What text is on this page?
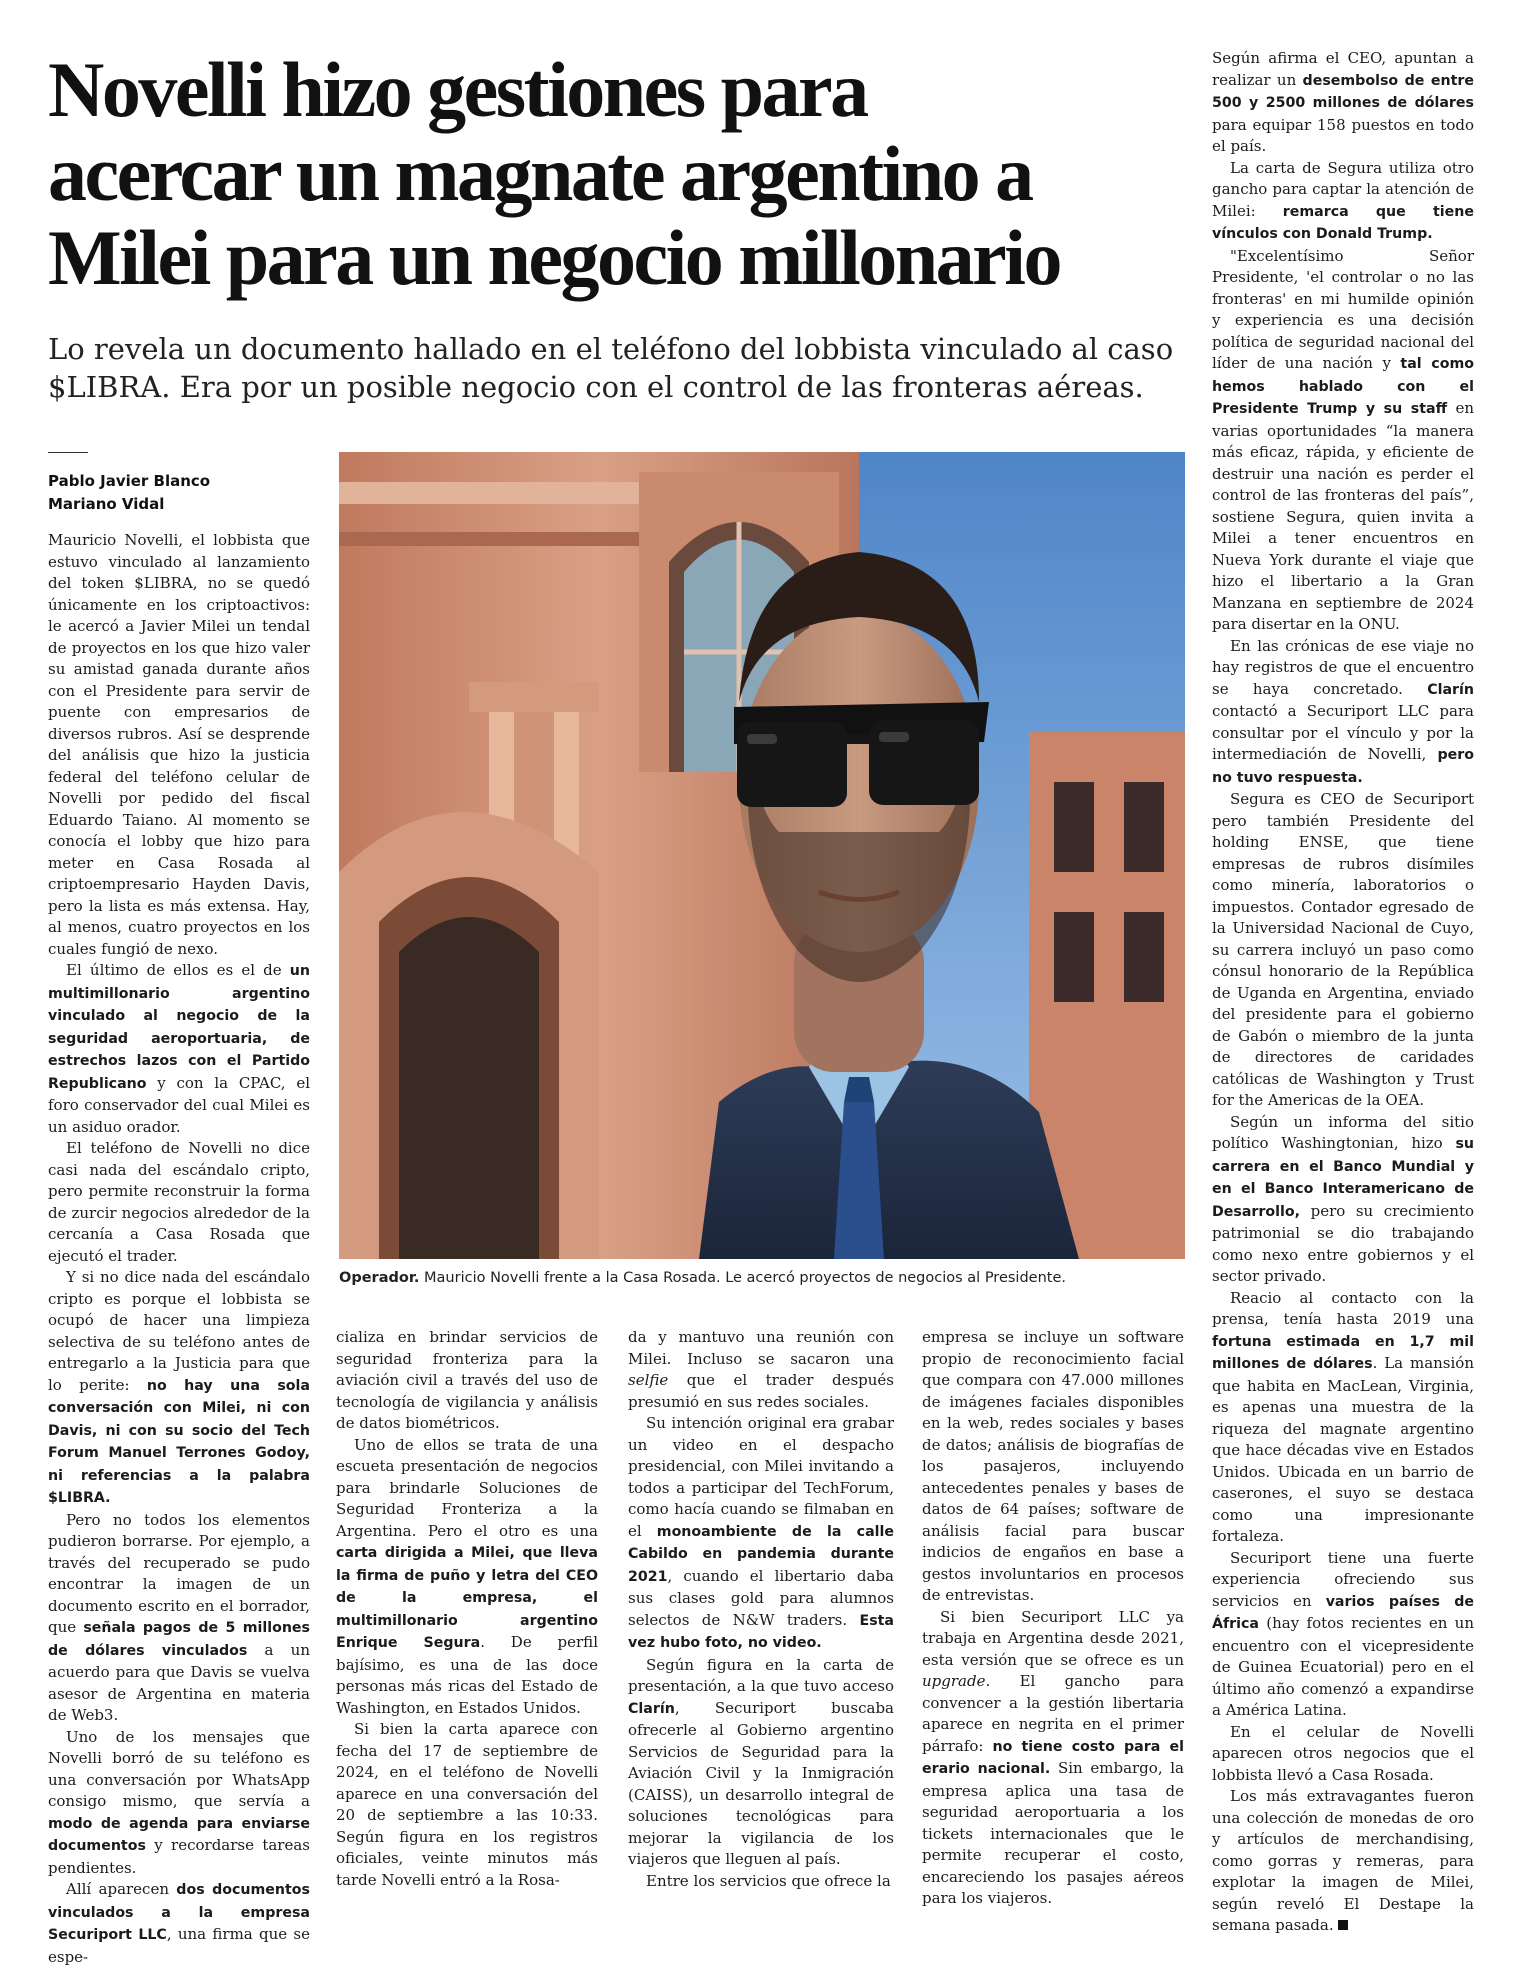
Novelli hizo gestiones para
acercar un magnate argentino a
Milei para un negocio millonario

Lo revela un documento hallado en el teléfono del lobbista vinculado al caso
$LIBRA. Era por un posible negocio con el control de las fronteras aéreas.

Pablo Javier Blanco
Mariano Vidal

Mauricio Novelli, el lobbista que estuvo vinculado al lanzamiento del token $LIBRA, no se quedó únicamente en los criptoactivos: le acercó a Javier Milei un tendal de proyectos en los que hizo valer su amistad ganada durante años con el Presidente para servir de puente con empresarios de diversos rubros. Así se desprende del análisis que hizo la justicia federal del teléfono celular de Novelli por pedido del fiscal Eduardo Taiano. Al momento se conocía el lobby que hizo para meter en Casa Rosada al criptoempresario Hayden Davis, pero la lista es más extensa. Hay, al menos, cuatro proyectos en los cuales fungió de nexo.

El último de ellos es el de un multimillonario argentino vinculado al negocio de la seguridad aeroportuaria, de estrechos lazos con el Partido Republicano y con la CPAC, el foro conservador del cual Milei es un asiduo orador.

El teléfono de Novelli no dice casi nada del escándalo cripto, pero permite reconstruir la forma de zurcir negocios alrededor de la cercanía a Casa Rosada que ejecutó el trader.

Y si no dice nada del escándalo cripto es porque el lobbista se ocupó de hacer una limpieza selectiva de su teléfono antes de entregarlo a la Justicia para que lo perite: no hay una sola conversación con Milei, ni con Davis, ni con su socio del Tech Forum Manuel Terrones Godoy, ni referencias a la palabra $LIBRA.

Pero no todos los elementos pudieron borrarse. Por ejemplo, a través del recuperado se pudo encontrar la imagen de un documento escrito en el borrador, que señala pagos de 5 millones de dólares vinculados a un acuerdo para que Davis se vuelva asesor de Argentina en materia de Web3.

Uno de los mensajes que Novelli borró de su teléfono es una conversación por WhatsApp consigo mismo, que servía a modo de agenda para enviarse documentos y recordarse tareas pendientes.

Allí aparecen dos documentos vinculados a la empresa Securiport LLC, una firma que se espe-

cializa en brindar servicios de seguridad fronteriza para la aviación civil a través del uso de tecnología de vigilancia y análisis de datos biométricos.

Uno de ellos se trata de una escueta presentación de negocios para brindarle Soluciones de Seguridad Fronteriza a la Argentina. Pero el otro es una carta dirigida a Milei, que lleva la firma de puño y letra del CEO de la empresa, el multimillonario argentino Enrique Segura. De perfil bajísimo, es una de las doce personas más ricas del Estado de Washington, en Estados Unidos.

Si bien la carta aparece con fecha del 17 de septiembre de 2024, en el teléfono de Novelli aparece en una conversación del 20 de septiembre a las 10:33. Según figura en los registros oficiales, veinte minutos más tarde Novelli entró a la Rosa-

da y mantuvo una reunión con Milei. Incluso se sacaron una selfie que el trader después presumió en sus redes sociales.

Su intención original era grabar un video en el despacho presidencial, con Milei invitando a todos a participar del TechForum, como hacía cuando se filmaban en el monoambiente de la calle Cabildo en pandemia durante 2021, cuando el libertario daba sus clases gold para alumnos selectos de N&W traders. Esta vez hubo foto, no video.

Según figura en la carta de presentación, a la que tuvo acceso Clarín, Securiport buscaba ofrecerle al Gobierno argentino Servicios de Seguridad para la Aviación Civil y la Inmigración (CAISS), un desarrollo integral de soluciones tecnológicas para mejorar la vigilancia de los viajeros que lleguen al país.

Entre los servicios que ofrece la

empresa se incluye un software propio de reconocimiento facial que compara con 47.000 millones de imágenes faciales disponibles en la web, redes sociales y bases de datos; análisis de biografías de los pasajeros, incluyendo antecedentes penales y bases de datos de 64 países; software de análisis facial para buscar indicios de engaños en base a gestos involuntarios en procesos de entrevistas.

Si bien Securiport LLC ya trabaja en Argentina desde 2021, esta versión que se ofrece es un upgrade. El gancho para convencer a la gestión libertaria aparece en negrita en el primer párrafo: no tiene costo para el erario nacional. Sin embargo, la empresa aplica una tasa de seguridad aeroportuaria a los tickets internacionales que le permite recuperar el costo, encareciendo los pasajes aéreos para los viajeros.

Según afirma el CEO, apuntan a realizar un desembolso de entre 500 y 2500 millones de dólares para equipar 158 puestos en todo el país.

La carta de Segura utiliza otro gancho para captar la atención de Milei: remarca que tiene vínculos con Donald Trump.

"Excelentísimo Señor Presidente, 'el controlar o no las fronteras' en mi humilde opinión y experiencia es una decisión política de seguridad nacional del líder de una nación y tal como hemos hablado con el Presidente Trump y su staff en varias oportunidades “la manera más eficaz, rápida, y eficiente de destruir una nación es perder el control de las fronteras del país”, sostiene Segura, quien invita a Milei a tener encuentros en Nueva York durante el viaje que hizo el libertario a la Gran Manzana en septiembre de 2024 para disertar en la ONU.

En las crónicas de ese viaje no hay registros de que el encuentro se haya concretado. Clarín contactó a Securiport LLC para consultar por el vínculo y por la intermediación de Novelli, pero no tuvo respuesta.

Segura es CEO de Securiport pero también Presidente del holding ENSE, que tiene empresas de rubros disímiles como minería, laboratorios o impuestos. Contador egresado de la Universidad Nacional de Cuyo, su carrera incluyó un paso como cónsul honorario de la República de Uganda en Argentina, enviado del presidente para el gobierno de Gabón o miembro de la junta de directores de caridades católicas de Washington y Trust for the Americas de la OEA.

Según un informa del sitio político Washingtonian, hizo su carrera en el Banco Mundial y en el Banco Interamericano de Desarrollo, pero su crecimiento patrimonial se dio trabajando como nexo entre gobiernos y el sector privado.

Reacio al contacto con la prensa, tenía hasta 2019 una fortuna estimada en 1,7 mil millones de dólares. La mansión que habita en MacLean, Virginia, es apenas una muestra de la riqueza del magnate argentino que hace décadas vive en Estados Unidos. Ubicada en un barrio de caserones, el suyo se destaca como una impresionante fortaleza.

Securiport tiene una fuerte experiencia ofreciendo sus servicios en varios países de África (hay fotos recientes en un encuentro con el vicepresidente de Guinea Ecuatorial) pero en el último año comenzó a expandirse a América Latina.

En el celular de Novelli aparecen otros negocios que el lobbista llevó a Casa Rosada.

Los más extravagantes fueron una colección de monedas de oro y artículos de merchandising, como gorras y remeras, para explotar la imagen de Milei, según reveló El Destape la semana pasada.

Operador. Mauricio Novelli frente a la Casa Rosada. Le acercó proyectos de negocios al Presidente.
